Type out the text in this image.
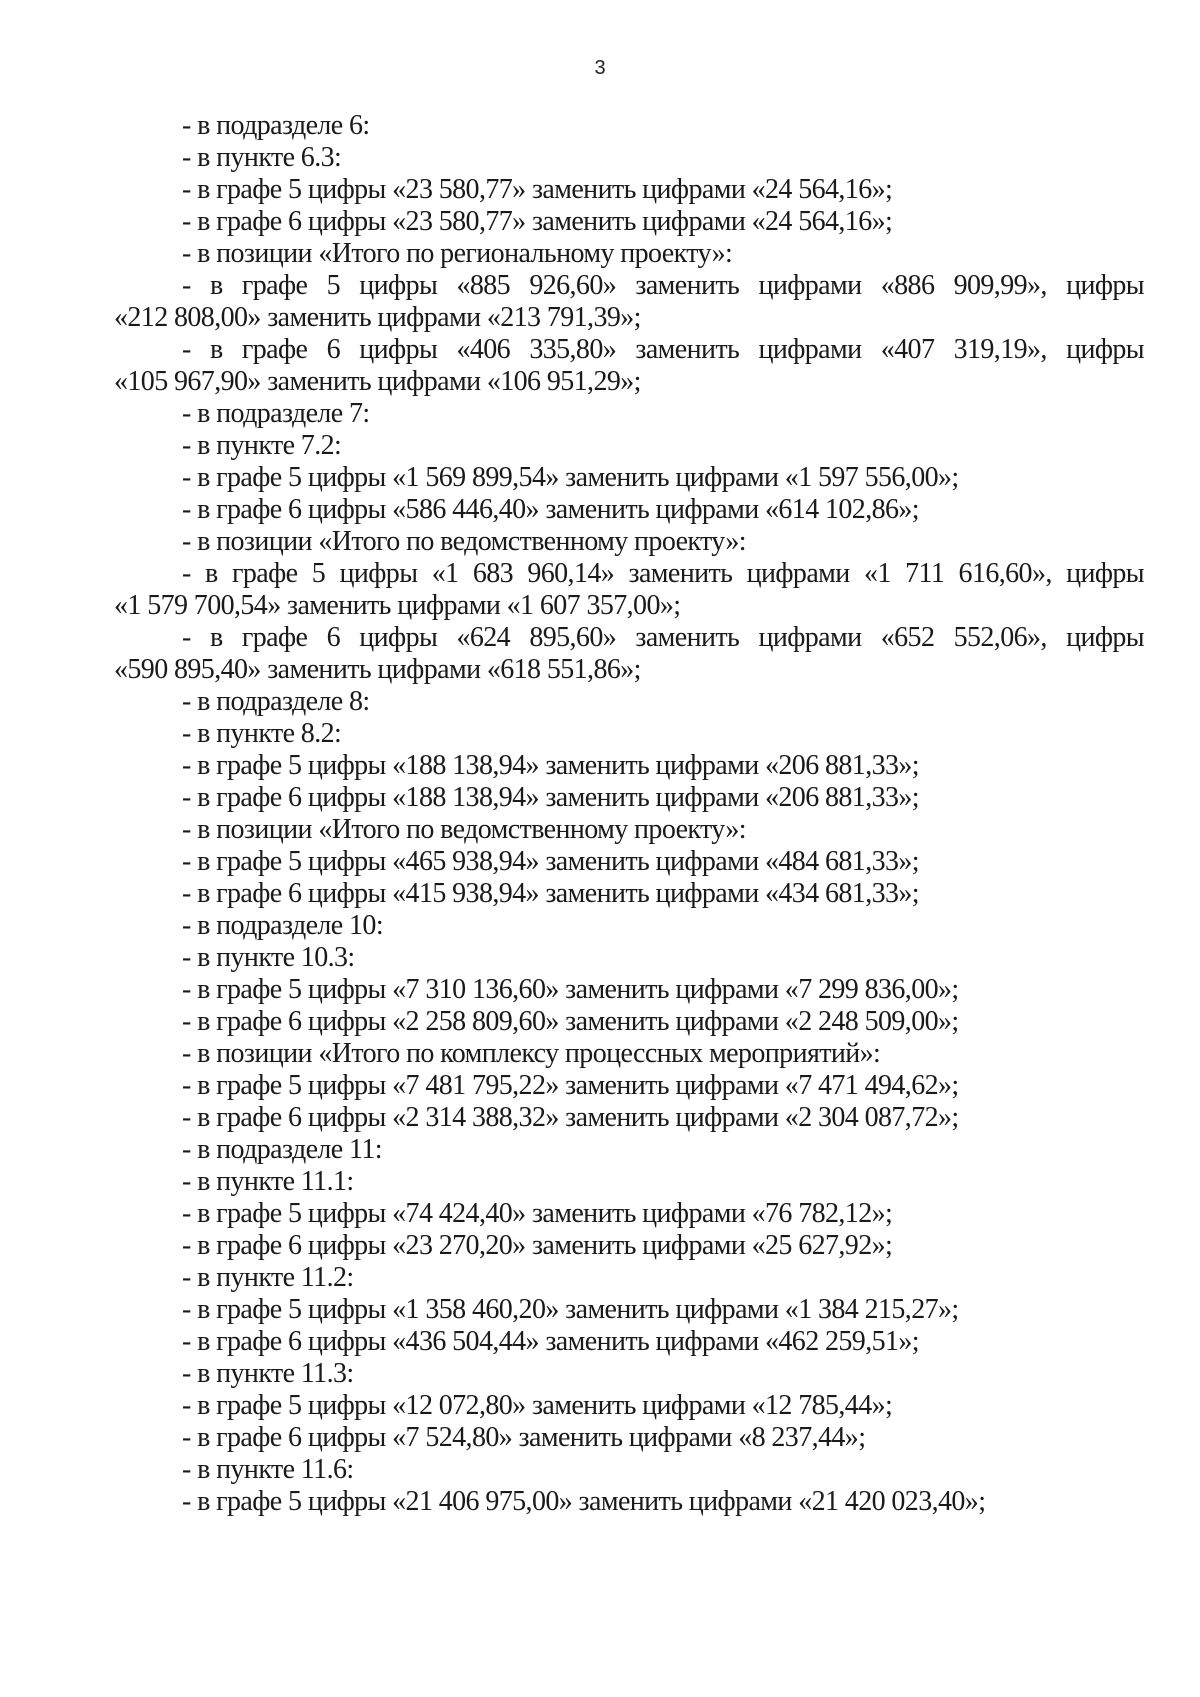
3
- в подразделе 6:
- в пункте 6.3:
- в графе 5 цифры «23 580,77» заменить цифрами «24 564,16»;
- в графе 6 цифры «23 580,77» заменить цифрами «24 564,16»;
- в позиции «Итого по региональному проекту»:
- в графе 5 цифры «885 926,60» заменить цифрами «886 909,99», цифры
«212 808,00» заменить цифрами «213 791,39»;
- в графе 6 цифры «406 335,80» заменить цифрами «407 319,19», цифры
«105 967,90» заменить цифрами «106 951,29»;
- в подразделе 7:
- в пункте 7.2:
- в графе 5 цифры «1 569 899,54» заменить цифрами «1 597 556,00»;
- в графе 6 цифры «586 446,40» заменить цифрами «614 102,86»;
- в позиции «Итого по ведомственному проекту»:
- в графе 5 цифры «1 683 960,14» заменить цифрами «1 711 616,60», цифры
«1 579 700,54» заменить цифрами «1 607 357,00»;
- в графе 6 цифры «624 895,60» заменить цифрами «652 552,06», цифры
«590 895,40» заменить цифрами «618 551,86»;
- в подразделе 8:
- в пункте 8.2:
- в графе 5 цифры «188 138,94» заменить цифрами «206 881,33»;
- в графе 6 цифры «188 138,94» заменить цифрами «206 881,33»;
- в позиции «Итого по ведомственному проекту»:
- в графе 5 цифры «465 938,94» заменить цифрами «484 681,33»;
- в графе 6 цифры «415 938,94» заменить цифрами «434 681,33»;
- в подразделе 10:
- в пункте 10.3:
- в графе 5 цифры «7 310 136,60» заменить цифрами «7 299 836,00»;
- в графе 6 цифры «2 258 809,60» заменить цифрами «2 248 509,00»;
- в позиции «Итого по комплексу процессных мероприятий»:
- в графе 5 цифры «7 481 795,22» заменить цифрами «7 471 494,62»;
- в графе 6 цифры «2 314 388,32» заменить цифрами «2 304 087,72»;
- в подразделе 11:
- в пункте 11.1:
- в графе 5 цифры «74 424,40» заменить цифрами «76 782,12»;
- в графе 6 цифры «23 270,20» заменить цифрами «25 627,92»;
- в пункте 11.2:
- в графе 5 цифры «1 358 460,20» заменить цифрами «1 384 215,27»;
- в графе 6 цифры «436 504,44» заменить цифрами «462 259,51»;
- в пункте 11.3:
- в графе 5 цифры «12 072,80» заменить цифрами «12 785,44»;
- в графе 6 цифры «7 524,80» заменить цифрами «8 237,44»;
- в пункте 11.6:
- в графе 5 цифры «21 406 975,00» заменить цифрами «21 420 023,40»;
